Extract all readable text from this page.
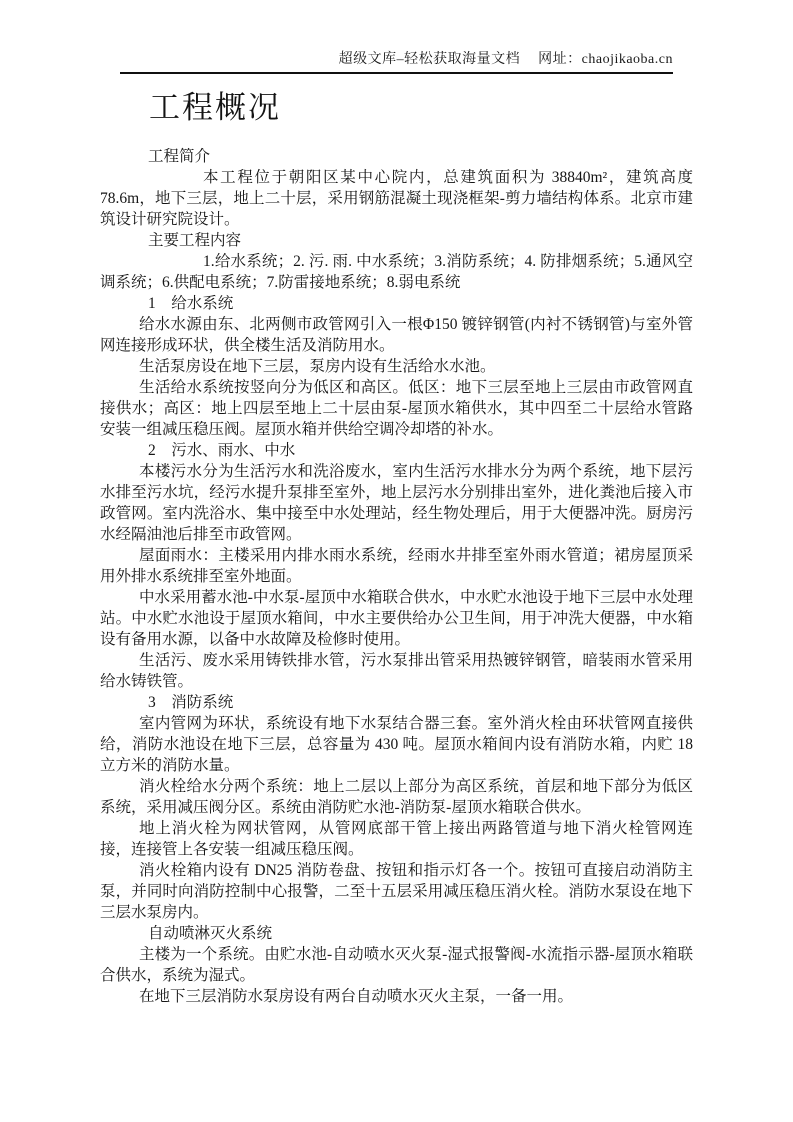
超级文库–轻松获取海量文档 网址：chaojikaoba.cn
工程概况

工程简介

本工程位于朝阳区某中心院内，总建筑面积为 38840m²，建筑高度 78.6m，地下三层，地上二十层，采用钢筋混凝土现浇框架-剪力墙结构体系。北京市建筑设计研究院设计。

主要工程内容

1.给水系统；2. 污. 雨. 中水系统；3.消防系统；4. 防排烟系统；5.通风空调系统；6.供配电系统；7.防雷接地系统；8.弱电系统

1　给水系统

给水水源由东、北两侧市政管网引入一根Φ150 镀锌钢管(内衬不锈钢管)与室外管网连接形成环状，供全楼生活及消防用水。

生活泵房设在地下三层，泵房内设有生活给水水池。

生活给水系统按竖向分为低区和高区。低区：地下三层至地上三层由市政管网直接供水；高区：地上四层至地上二十层由泵-屋顶水箱供水，其中四至二十层给水管路安装一组减压稳压阀。屋顶水箱并供给空调冷却塔的补水。

2　污水、雨水、中水

本楼污水分为生活污水和洗浴废水，室内生活污水排水分为两个系统，地下层污水排至污水坑，经污水提升泵排至室外，地上层污水分别排出室外，进化粪池后接入市政管网。室内洗浴水、集中接至中水处理站，经生物处理后，用于大便器冲洗。厨房污水经隔油池后排至市政管网。

屋面雨水：主楼采用内排水雨水系统，经雨水井排至室外雨水管道；裙房屋顶采用外排水系统排至室外地面。

中水采用蓄水池-中水泵-屋顶中水箱联合供水，中水贮水池设于地下三层中水处理站。中水贮水池设于屋顶水箱间，中水主要供给办公卫生间，用于冲洗大便器，中水箱设有备用水源，以备中水故障及检修时使用。

生活污、废水采用铸铁排水管，污水泵排出管采用热镀锌钢管，暗装雨水管采用给水铸铁管。

3　消防系统

室内管网为环状，系统设有地下水泵结合器三套。室外消火栓由环状管网直接供给，消防水池设在地下三层，总容量为 430 吨。屋顶水箱间内设有消防水箱，内贮 18 立方米的消防水量。

消火栓给水分两个系统：地上二层以上部分为高区系统，首层和地下部分为低区系统，采用减压阀分区。系统由消防贮水池-消防泵-屋顶水箱联合供水。

地上消火栓为网状管网，从管网底部干管上接出两路管道与地下消火栓管网连接，连接管上各安装一组减压稳压阀。

消火栓箱内设有 DN25 消防卷盘、按钮和指示灯各一个。按钮可直接启动消防主泵，并同时向消防控制中心报警，二至十五层采用减压稳压消火栓。消防水泵设在地下三层水泵房内。

自动喷淋灭火系统

主楼为一个系统。由贮水池-自动喷水灭火泵-湿式报警阀-水流指示器-屋顶水箱联合供水，系统为湿式。

在地下三层消防水泵房设有两台自动喷水灭火主泵，一备一用。
